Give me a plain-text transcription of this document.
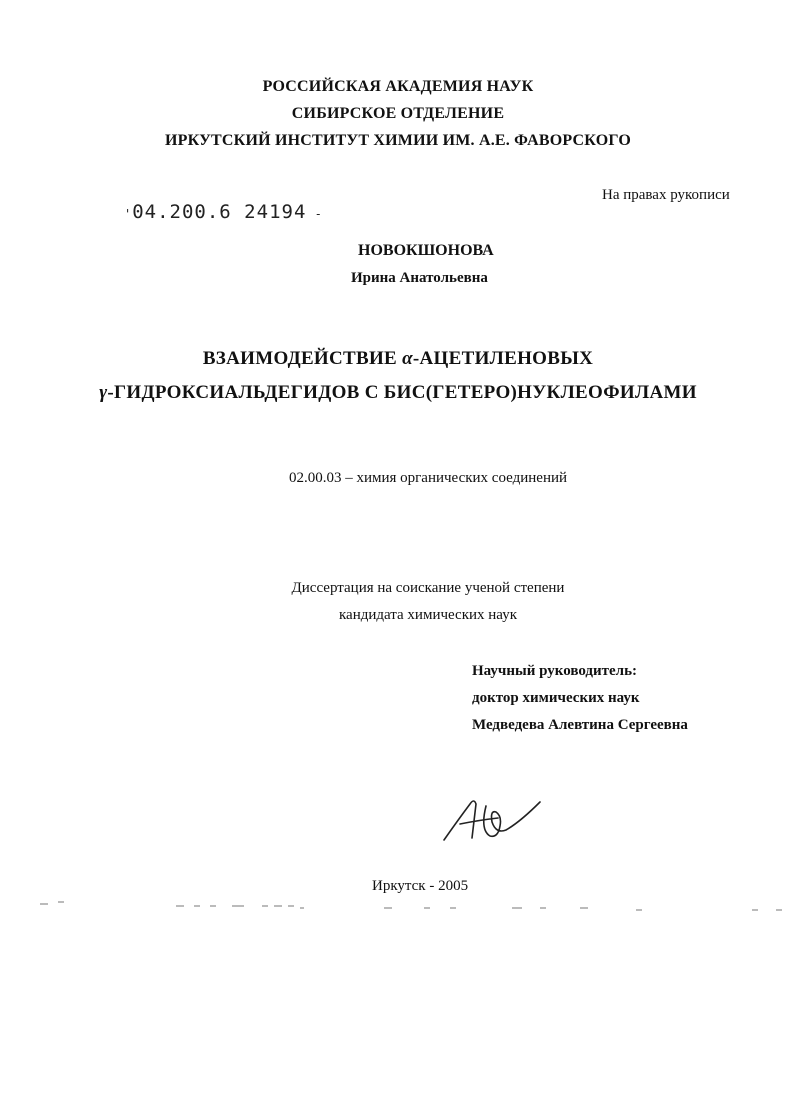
РОССИЙСКАЯ АКАДЕМИЯ НАУК
СИБИРСКОЕ ОТДЕЛЕНИЕ
ИРКУТСКИЙ ИНСТИТУТ ХИМИИ ИМ. А.Е. ФАВОРСКОГО
На правах рукописи
'04.200.6 24194 -
НОВОКШОНОВА
Ирина Анатольевна
ВЗАИМОДЕЙСТВИЕ α-АЦЕТИЛЕНОВЫХ
γ-ГИДРОКСИАЛЬДЕГИДОВ С БИС(ГЕТЕРО)НУКЛЕОФИЛАМИ
02.00.03 – химия органических соединений
Диссертация на соискание ученой степени
кандидата химических наук
Научный руководитель:
доктор химических наук
Медведева Алевтина Сергеевна
Иркутск - 2005
